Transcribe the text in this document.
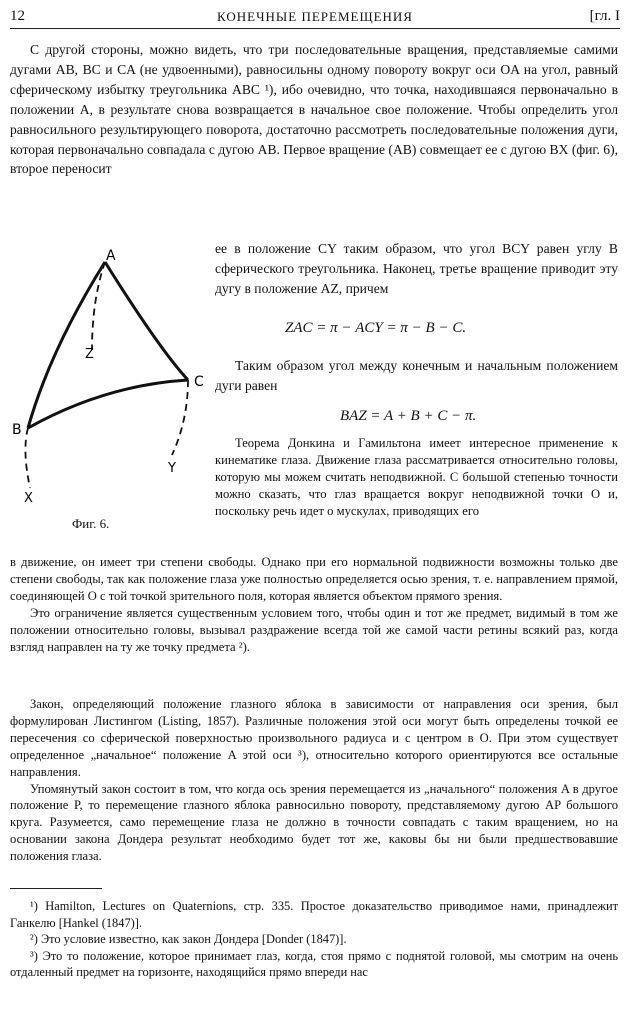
12	КОНЕЧНЫЕ ПЕРЕМЕЩЕНИЯ	[гл. I

С другой стороны, можно видеть, что три последовательные вращения, представляемые самими дугами AB, BC и CA (не удвоенными), равносильны одному повороту вокруг оси OA на угол, равный сферическому избытку треугольника ABC ¹), ибо очевидно, что точка, находившаяся первоначально в положении A, в результате снова возвращается в начальное свое положение. Чтобы определить угол равносильного результирующего поворота, достаточно рассмотреть последовательные положения дуги, которая первоначально совпадала с дугою AB. Первое вращение (AB) совмещает ее с дугою BX (фиг. 6), второе переносит

ее в положение CY таким образом, что угол BCY равен углу B сферического треугольника. Наконец, третье вращение приводит эту дугу в положение AZ, причем

ZAC = π − ACY = π − B − C.

Таким образом угол между конечным и начальным положением дуги равен

BAZ = A + B + C − π.
A
Z
C
B
Y
X
Фиг. 6.

Теорема Донкина и Гамильтона имеет интересное применение к кинематике глаза. Движение глаза рассматривается относительно головы, которую мы можем считать неподвижной. С большой степенью точности можно сказать, что глаз вращается вокруг неподвижной точки O и, поскольку речь идет о мускулах, приводящих его

в движение, он имеет три степени свободы. Однако при его нормальной подвижности возможны только две степени свободы, так как положение глаза уже полностью определяется осью зрения, т. е. направлением прямой, соединяющей O с той точкой зрительного поля, которая является объектом прямого зрения.

Это ограничение является существенным условием того, чтобы один и тот же предмет, видимый в том же положении относительно головы, вызывал раздражение всегда той же самой части ретины всякий раз, когда взгляд направлен на ту же точку предмета ²).

Закон, определяющий положение глазного яблока в зависимости от направления оси зрения, был формулирован Листингом (Listing, 1857). Различные положения этой оси могут быть определены точкой ее пересечения со сферической поверхностью произвольного радиуса и с центром в O. При этом существует определенное „начальное“ положение A этой оси ³), относительно которого ориентируются все остальные направления.

Упомянутый закон состоит в том, что когда ось зрения перемещается из „начального“ положения A в другое положение P, то перемещение глазного яблока равносильно повороту, представляемому дугою AP большого круга. Разумеется, само перемещение глаза не должно в точности совпадать с таким вращением, но на основании закона Дондера результат необходимо будет тот же, каковы бы ни были предшествовавшие положения глаза.

¹) Hamilton, Lectures on Quaternions, стр. 335. Простое доказательство приводимое нами, принадлежит Ганкелю [Hankel (1847)].

²) Это условие известно, как закон Дондера [Donder (1847)].

³) Это то положение, которое принимает глаз, когда, стоя прямо с поднятой головой, мы смотрим на очень отдаленный предмет на горизонте, находящийся прямо впереди нас
